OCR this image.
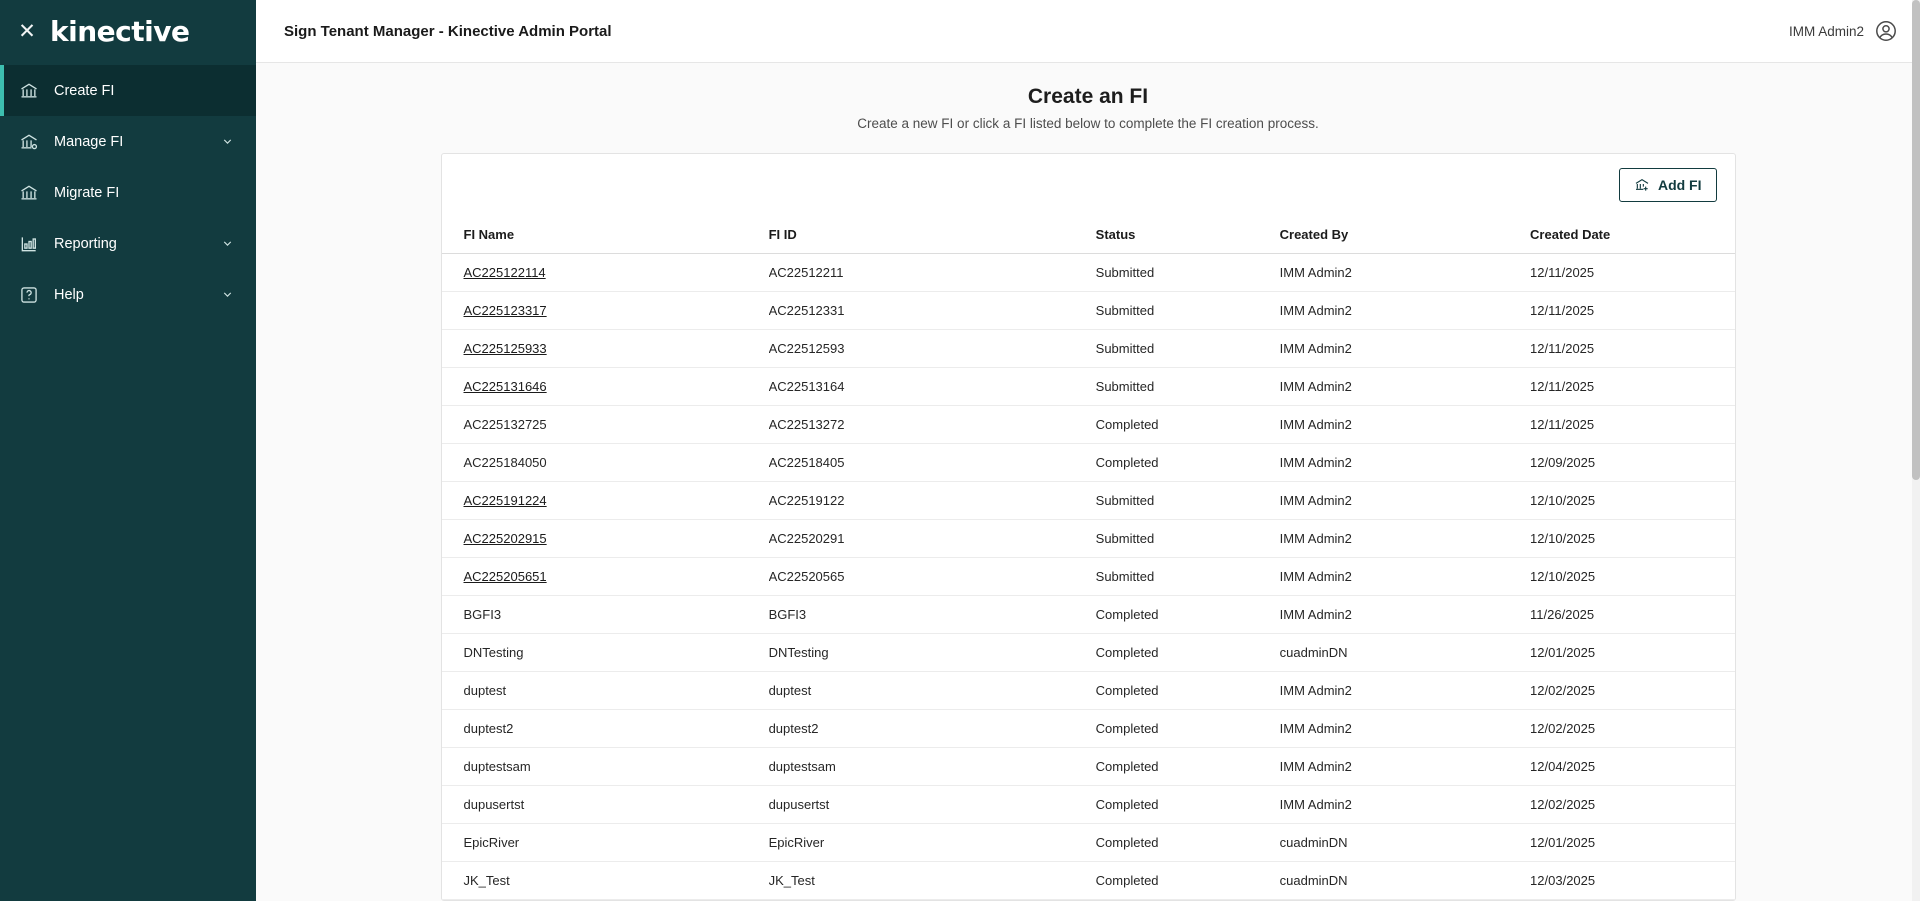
✕ kinective
Create FI
Manage FI
Migrate FI
Reporting
Help
Sign Tenant Manager - Kinective Admin Portal	IMM Admin2
Create an FI

Create a new FI or click a FI listed below to complete the FI creation process.

Add FI
FI Name	FI ID	Status	Created By	Created Date
AC225122114	AC22512211	Submitted	IMM Admin2	12/11/2025
AC225123317	AC22512331	Submitted	IMM Admin2	12/11/2025
AC225125933	AC22512593	Submitted	IMM Admin2	12/11/2025
AC225131646	AC22513164	Submitted	IMM Admin2	12/11/2025
AC225132725	AC22513272	Completed	IMM Admin2	12/11/2025
AC225184050	AC22518405	Completed	IMM Admin2	12/09/2025
AC225191224	AC22519122	Submitted	IMM Admin2	12/10/2025
AC225202915	AC22520291	Submitted	IMM Admin2	12/10/2025
AC225205651	AC22520565	Submitted	IMM Admin2	12/10/2025
BGFI3	BGFI3	Completed	IMM Admin2	11/26/2025
DNTesting	DNTesting	Completed	cuadminDN	12/01/2025
duptest	duptest	Completed	IMM Admin2	12/02/2025
duptest2	duptest2	Completed	IMM Admin2	12/02/2025
duptestsam	duptestsam	Completed	IMM Admin2	12/04/2025
dupusertst	dupusertst	Completed	IMM Admin2	12/02/2025
EpicRiver	EpicRiver	Completed	cuadminDN	12/01/2025
JK_Test	JK_Test	Completed	cuadminDN	12/03/2025
